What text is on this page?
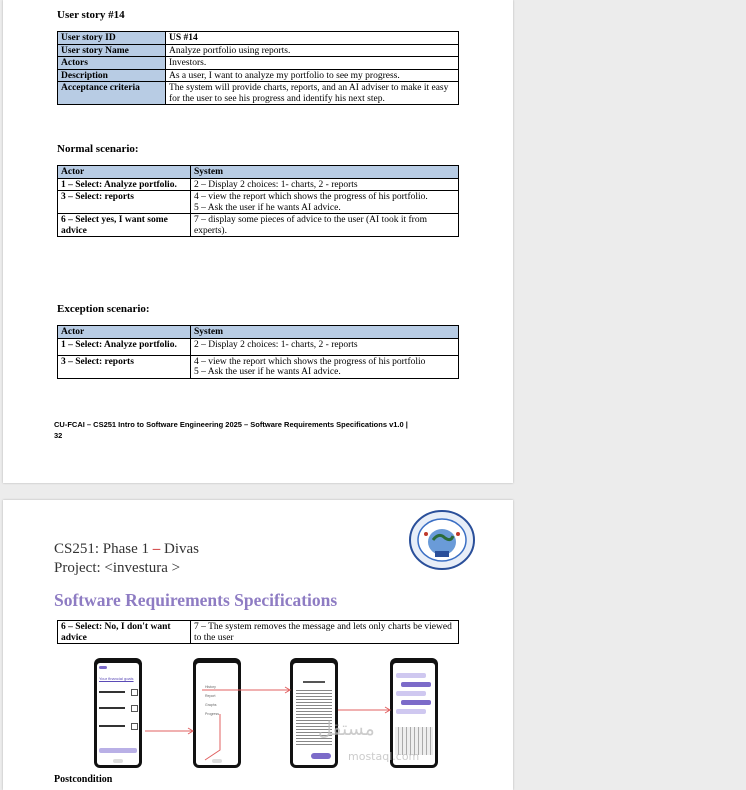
User story #14
User story ID	US #14
User story Name	Analyze portfolio using reports.
Actors	Investors.
Description	As a user, I want to analyze my portfolio to see my progress.
Acceptance criteria	The system will provide charts, reports, and an AI adviser to make it easy for the user to see his progress and identify his next step.
Normal scenario:
Actor	System
1 – Select: Analyze portfolio.	2 – Display 2 choices: 1- charts, 2 - reports
3 – Select: reports	4 – view the report which shows the progress of his portfolio.
5 – Ask the user if he wants AI advice.
6 – Select yes, I want some advice	7 – display some pieces of advice to the user (AI took it from experts).
Exception scenario:
Actor	System
1 – Select: Analyze portfolio.	2 – Display 2 choices: 1- charts, 2 - reports
3 – Select: reports	4 – view the report which shows the progress of his portfolio
5 – Ask the user if he wants AI advice.
CU-FCAI – CS251 Intro to Software Engineering 2025 – Software Requirements Specifications v1.0 |
32
CS251: Phase 1 – Divas
Project: <investura >
Software Requirements Specifications
6 – Select: No, I don't want advice	7 – The system removes the message and lets only charts be viewed to the user
Your financial goals
History
Report
Graphs
Progress
مستقل
mostaql.com
Postcondition
